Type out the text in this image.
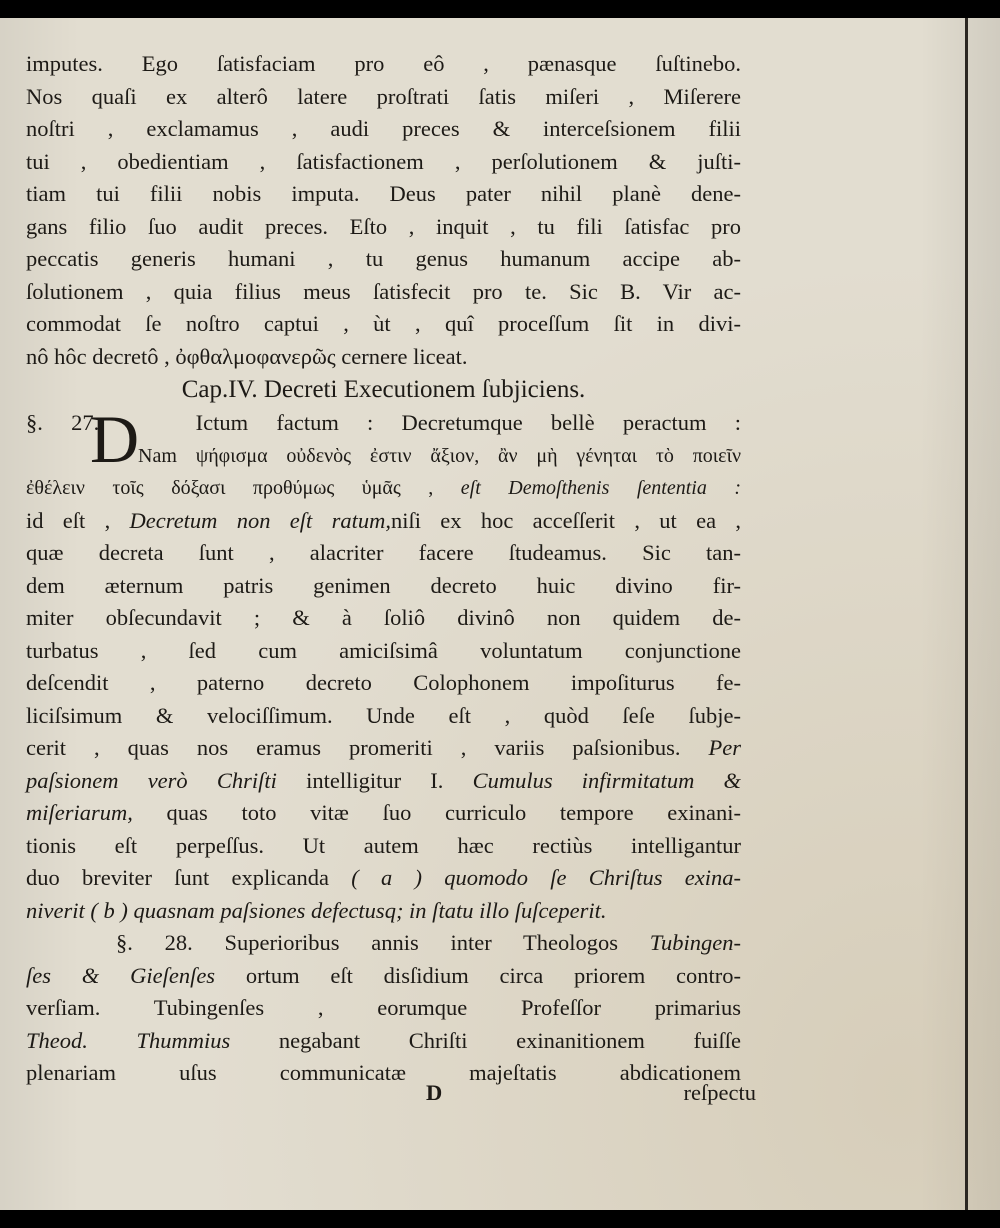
imputes. Ego ſatisfaciam pro eô , pænasque ſuſtinebo.
Nos quaſi ex alterô latere proſtrati ſatis miſeri , Miſerere
noſtri , exclamamus , audi preces & interceſsionem filii
tui , obedientiam , ſatisfactionem , perſolutionem & juſti-
tiam tui filii nobis imputa. Deus pater nihil planè dene-
gans filio ſuo audit preces. Eſto , inquit , tu fili ſatisfac pro
peccatis generis humani , tu genus humanum accipe ab-
ſolutionem , quia filius meus ſatisfecit pro te. Sic B. Vir ac-
commodat ſe noſtro captui , ùt , quî proceſſum ſit in divi-
nô hôc decretô , ὀφθαλμοφανερῶς cernere liceat.
Cap.IV. Decreti Executionem ſubjiciens.
D
§. 27.	Ictum factum : Decretumque bellè peractum :
Nam ψήφισμα οὐδενὸς ἐστιν ἄξιον, ἂν μὴ γένηται τὸ ποιεῖν
ἐθέλειν τοῖς δόξασι προθύμως ὑμᾶς , eſt Demoſthenis ſententia :
id eſt , Decretum non eſt ratum,niſi ex hoc acceſſerit , ut ea ,
quæ decreta ſunt , alacriter facere ſtudeamus. Sic tan-
dem æternum patris genimen decreto huic divino fir-
miter obſecundavit ; & à ſoliô divinô non quidem de-
turbatus , ſed cum amiciſsimâ voluntatum conjunctione
deſcendit , paterno decreto Colophonem impoſiturus fe-
liciſsimum & velociſſimum. Unde eſt , quòd ſeſe ſubje-
cerit , quas nos eramus promeriti , variis paſsionibus. Per
paſsionem verò Chriſti intelligitur I. Cumulus infirmitatum &
miſeriarum, quas toto vitæ ſuo curriculo tempore exinani-
tionis eſt perpeſſus. Ut autem hæc rectiùs intelligantur
duo breviter ſunt explicanda ( a ) quomodo ſe Chriſtus exina-
niverit ( b ) quasnam paſsiones defectusq; in ſtatu illo ſuſceperit.
§. 28. Superioribus annis inter Theologos Tubingen-
ſes & Gieſenſes ortum eſt disſidium circa priorem contro-
verſiam. Tubingenſes , eorumque Profeſſor primarius
Theod. Thummius negabant Chriſti exinanitionem fuiſſe
plenariam uſus communicatæ majeſtatis abdicationem
D	reſpectu
